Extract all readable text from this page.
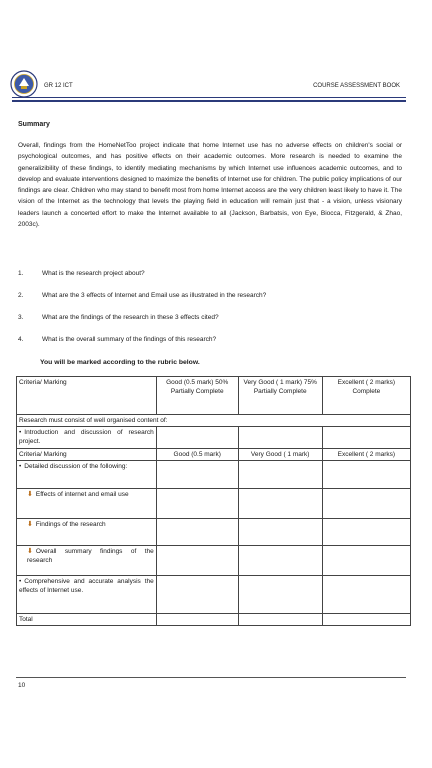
GR 12 ICT	COURSE ASSESSMENT BOOK
Summary

Overall, findings from the HomeNetToo project indicate that home Internet use has no adverse effects on children's social or psychological outcomes, and has positive effects on their academic outcomes. More research is needed to examine the generalizibility of these findings, to identify mediating mechanisms by which Internet use influences academic outcomes, and to develop and evaluate interventions designed to maximize the benefits of Internet use for children. The public policy implications of our findings are clear. Children who may stand to benefit most from home Internet access are the very children least likely to have it. The vision of the Internet as the technology that levels the playing field in education will remain just that - a vision, unless visionary leaders launch a concerted effort to make the Internet available to all (Jackson, Barbatsis, von Eye, Biocca, Fitzgerald, & Zhao, 2003c).

1.	What is the research project about?
2.	What are the 3 effects of Internet and Email use as illustrated in the research?
3.	What are the findings of the research in these 3 effects cited?
4.	What is the overall summary of the findings of this research?
You will be marked according to the rubric below.
Criteria/ Marking	Good (0.5 mark) 50% Partially Complete	Very Good ( 1 mark) 75% Partially Complete	Excellent ( 2 marks) Complete
Research must consist of well organised content of:			
• Introduction and discussion of research project.			
Criteria/ Marking	Good (0.5 mark)	Very Good ( 1 mark)	Excellent ( 2 marks)
• Detailed discussion of the following:			
⬇ Effects of internet and email use			
⬇ Findings of the research			
⬇ Overall summary findings of the research			
• Comprehensive and accurate analysis the effects of Internet use.			
Total			
10
